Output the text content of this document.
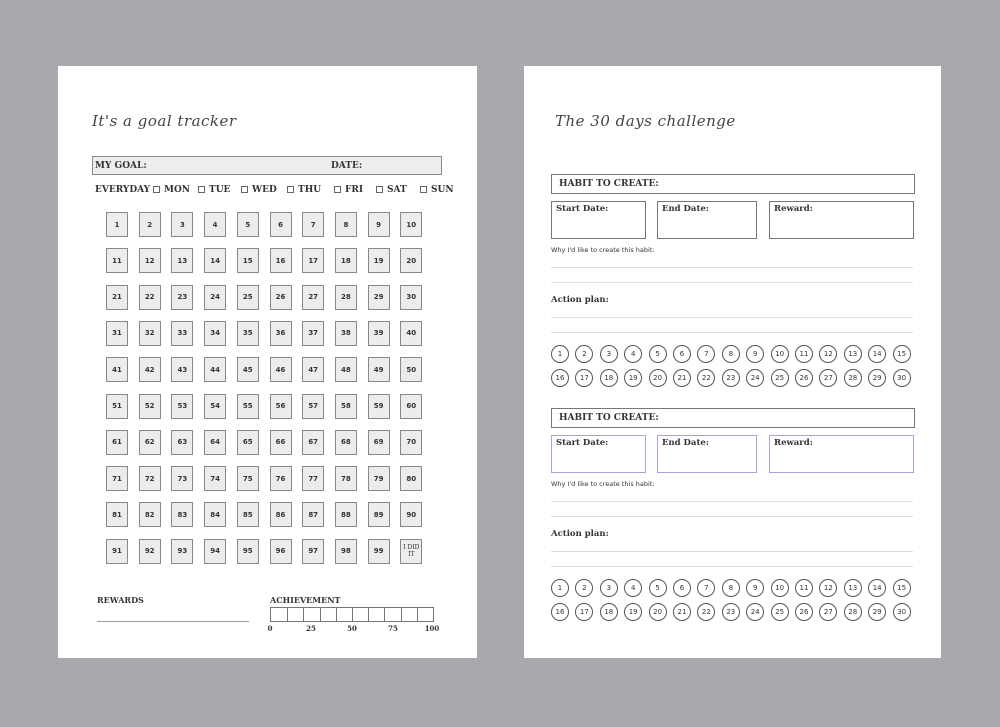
It's a goal tracker
MY GOAL:	DATE:
EVERYDAY MON TUE WED THU	FRI	SAT	SUN
1	2	3	4	5	6	7	8	9	10
11	12	13	14	15	16	17	18	19	20
21	22	23	24	25	26	27	28	29	30
31	32	33	34	35	36	37	38	39	40
41	42	43	44	45	46	47	48	49	50
51	52	53	54	55	56	57	58	59	60
61	62	63	64	65	66	67	68	69	70
71	72	73	74	75	76	77	78	79	80
81	82	83	84	85	86	87	88	89	90
91	92	93	94	95	96	97	98	99	I DID IT
REWARDS	ACHIEVEMENT
0	25	50	75	100
The 30 days challenge
HABIT TO CREATE:
Start Date:	End Date:	Reward:
Why I'd like to create this habit:
Action plan:
1	2	3	4	5	6	7	8	9	10	11	12	13	14	15
16	17	18	19	20	21	22	23	24	25	26	27	28	29	30
HABIT TO CREATE:
Start Date:	End Date:	Reward:
Why I'd like to create this habit:
Action plan:
1	2	3	4	5	6	7	8	9	10	11	12	13	14	15
16	17	18	19	20	21	22	23	24	25	26	27	28	29	30
